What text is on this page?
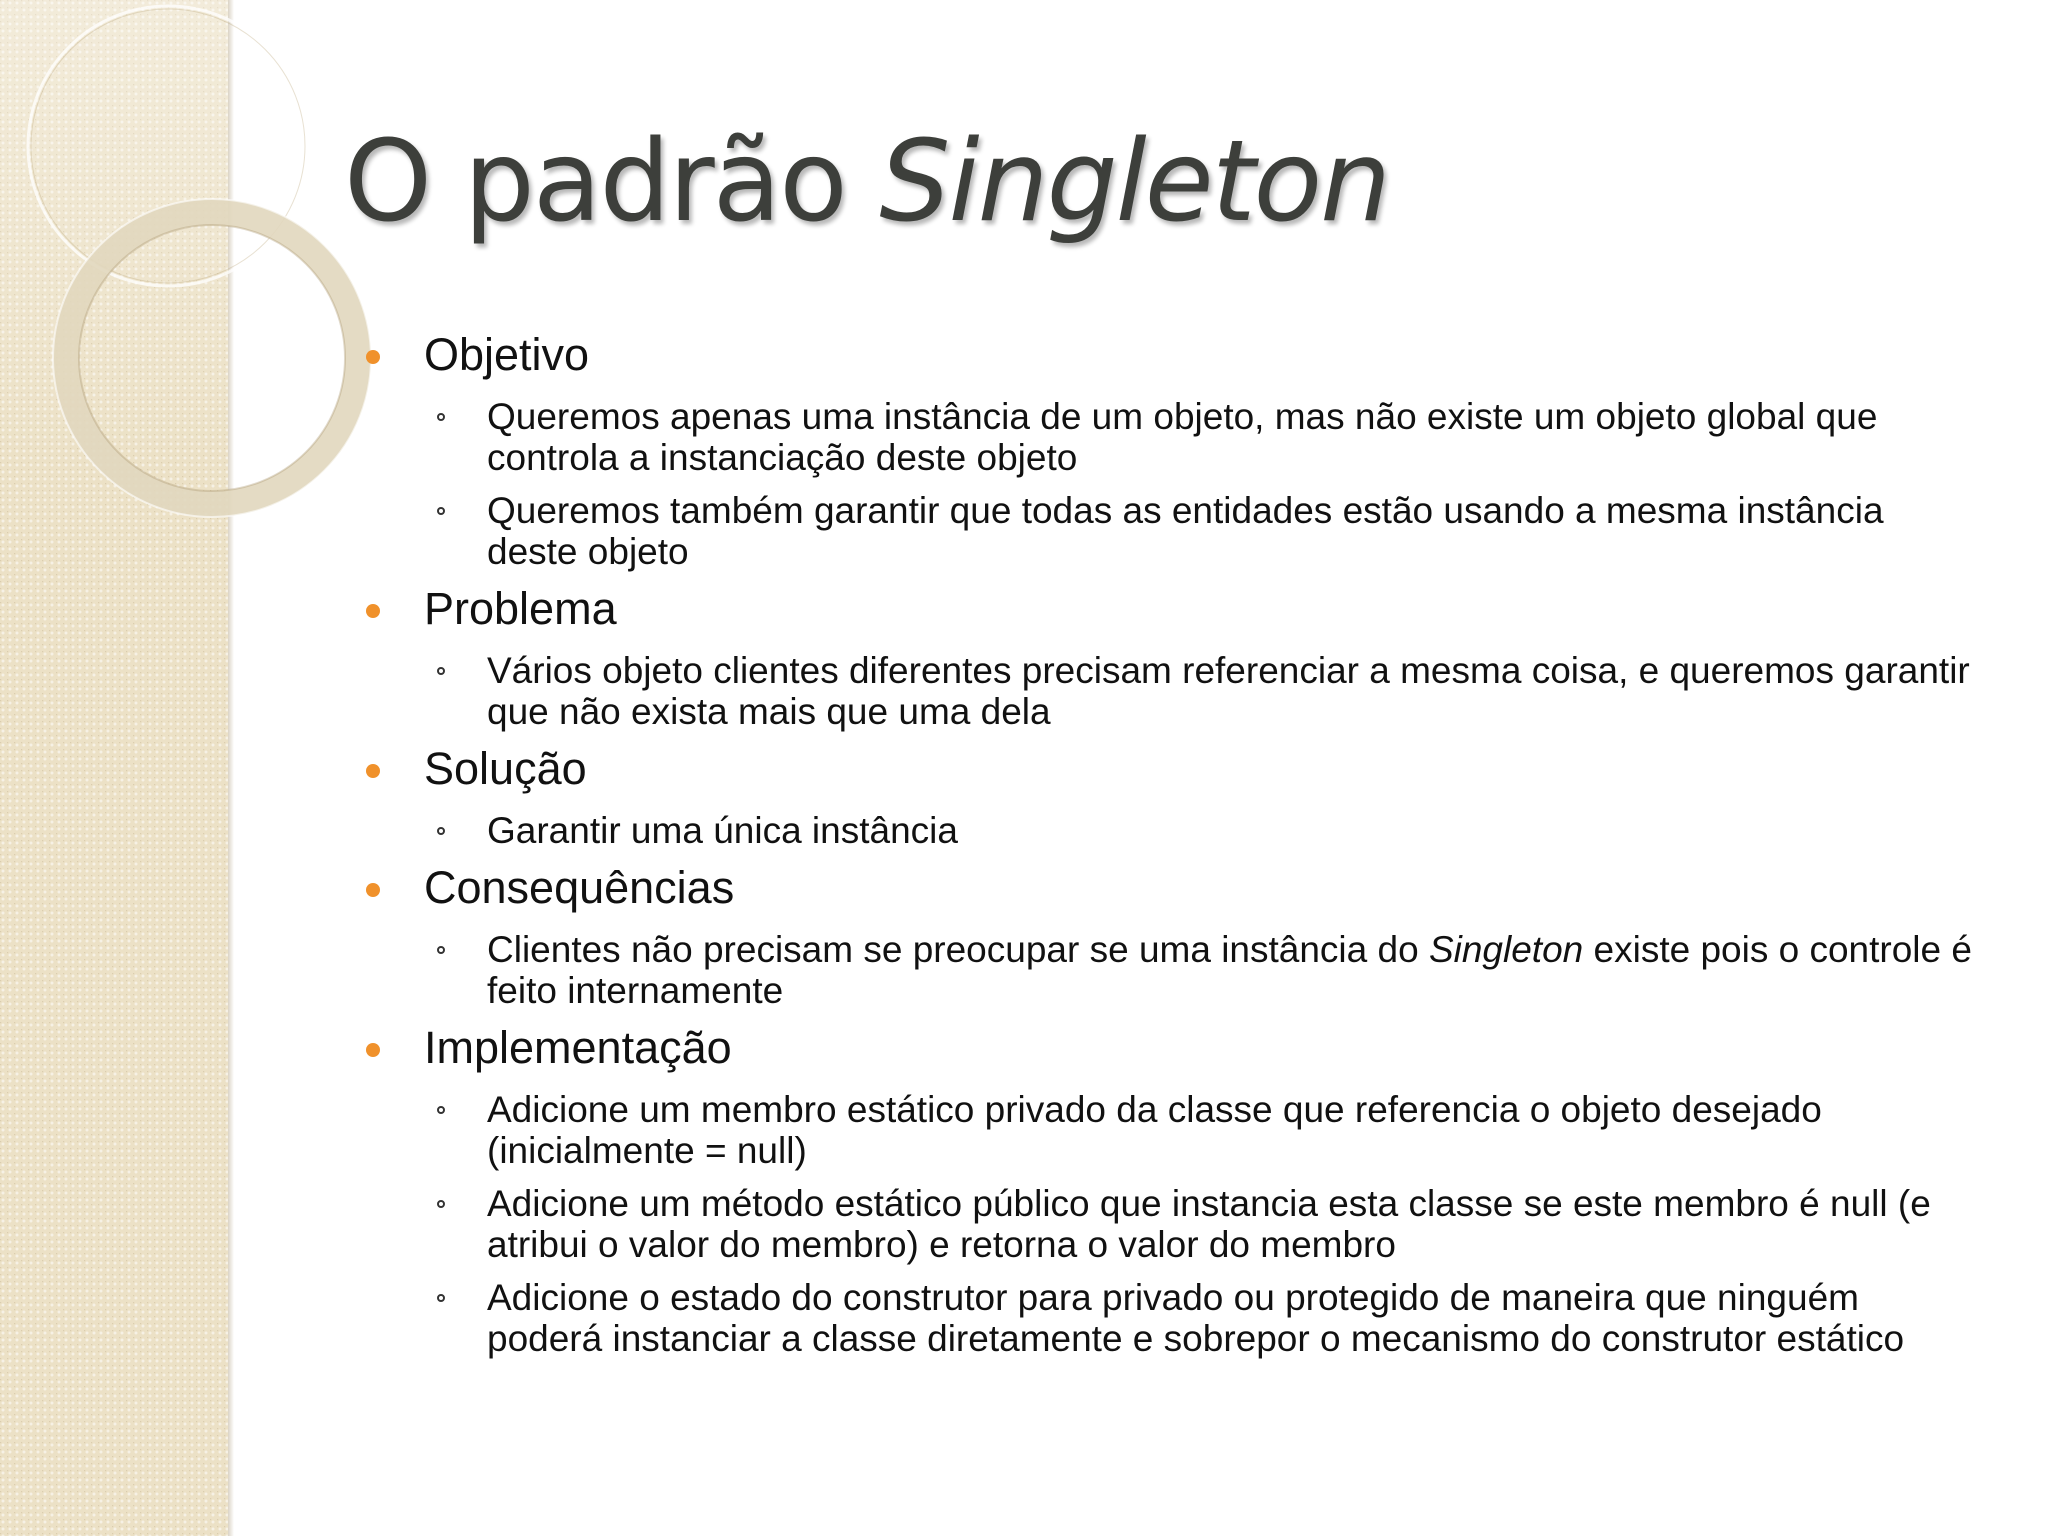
O padrão Singleton
Objetivo
Queremos apenas uma instância de um objeto, mas não existe um objeto global que controla a instanciação deste objeto
Queremos também garantir que todas as entidades estão usando a mesma instância deste objeto
Problema
Vários objeto clientes diferentes precisam referenciar a mesma coisa, e queremos garantir que não exista mais que uma dela
Solução
Garantir uma única instância
Consequências
Clientes não precisam se preocupar se uma instância do Singleton existe pois o controle é feito internamente
Implementação
Adicione um membro estático privado da classe que referencia o objeto desejado (inicialmente = null)
Adicione um método estático público que instancia esta classe se este membro é null (e atribui o valor do membro) e retorna o valor do membro
Adicione o estado do construtor para privado ou protegido de maneira que ninguém poderá instanciar a classe diretamente e sobrepor o mecanismo do construtor estático
